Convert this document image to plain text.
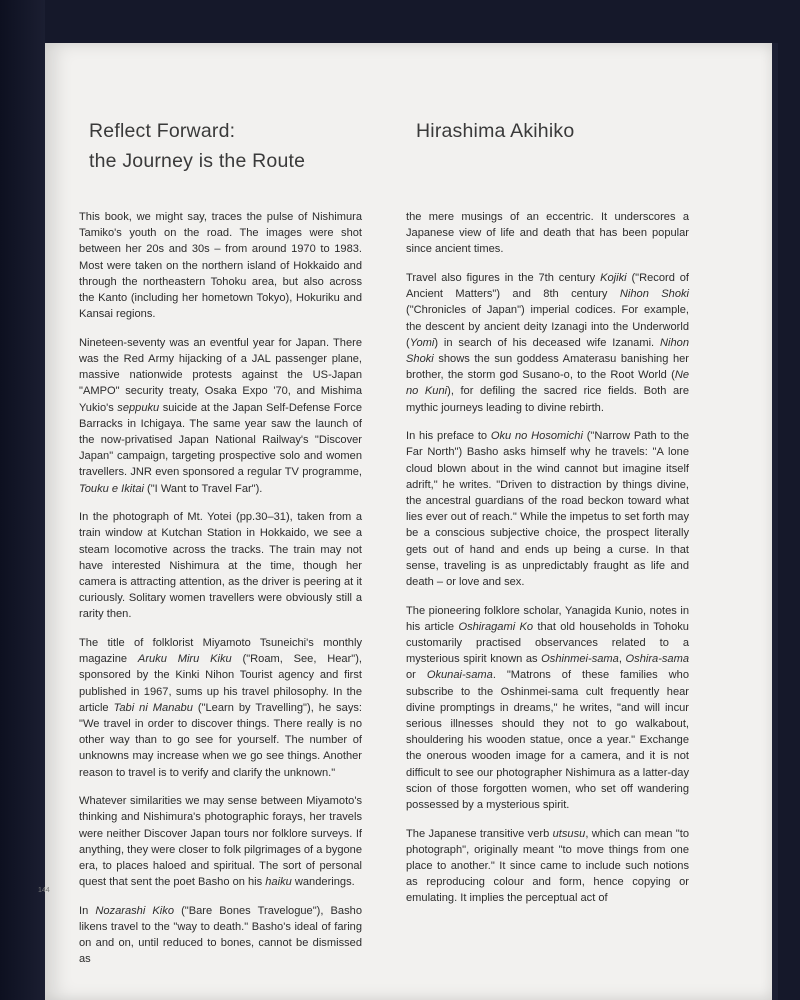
Reflect Forward:
the Journey is the Route
Hirashima Akihiko

This book, we might say, traces the pulse of Nishimura Tamiko's youth on the road. The images were shot between her 20s and 30s – from around 1970 to 1983. Most were taken on the northern island of Hokkaido and through the northeastern Tohoku area, but also across the Kanto (including her hometown Tokyo), Hokuriku and Kansai regions.

Nineteen-seventy was an eventful year for Japan. There was the Red Army hijacking of a JAL passenger plane, massive nationwide protests against the US-Japan "AMPO" security treaty, Osaka Expo '70, and Mishima Yukio's seppuku suicide at the Japan Self-Defense Force Barracks in Ichigaya. The same year saw the launch of the now-privatised Japan National Railway's "Discover Japan" campaign, targeting prospective solo and women travellers. JNR even sponsored a regular TV programme, Touku e Ikitai ("I Want to Travel Far").

In the photograph of Mt. Yotei (pp.30–31), taken from a train window at Kutchan Station in Hokkaido, we see a steam locomotive across the tracks. The train may not have interested Nishimura at the time, though her camera is attracting attention, as the driver is peering at it curiously. Solitary women travellers were obviously still a rarity then.

The title of folklorist Miyamoto Tsuneichi's monthly magazine Aruku Miru Kiku ("Roam, See, Hear"), sponsored by the Kinki Nihon Tourist agency and first published in 1967, sums up his travel philosophy. In the article Tabi ni Manabu ("Learn by Travelling"), he says: "We travel in order to discover things. There really is no other way than to go see for yourself. The number of unknowns may increase when we go see things. Another reason to travel is to verify and clarify the unknown."

Whatever similarities we may sense between Miyamoto's thinking and Nishimura's photographic forays, her travels were neither Discover Japan tours nor folklore surveys. If anything, they were closer to folk pilgrimages of a bygone era, to places haloed and spiritual. The sort of personal quest that sent the poet Basho on his haiku wanderings.

In Nozarashi Kiko ("Bare Bones Travelogue"), Basho likens travel to the "way to death." Basho's ideal of faring on and on, until reduced to bones, cannot be dismissed as

the mere musings of an eccentric. It underscores a Japanese view of life and death that has been popular since ancient times.

Travel also figures in the 7th century Kojiki ("Record of Ancient Matters") and 8th century Nihon Shoki ("Chronicles of Japan") imperial codices. For example, the descent by ancient deity Izanagi into the Underworld (Yomi) in search of his deceased wife Izanami. Nihon Shoki shows the sun goddess Amaterasu banishing her brother, the storm god Susano-o, to the Root World (Ne no Kuni), for defiling the sacred rice fields. Both are mythic journeys leading to divine rebirth.

In his preface to Oku no Hosomichi ("Narrow Path to the Far North") Basho asks himself why he travels: "A lone cloud blown about in the wind cannot but imagine itself adrift," he writes. "Driven to distraction by things divine, the ancestral guardians of the road beckon toward what lies ever out of reach." While the impetus to set forth may be a conscious subjective choice, the prospect literally gets out of hand and ends up being a curse. In that sense, traveling is as unpredictably fraught as life and death – or love and sex.

The pioneering folklore scholar, Yanagida Kunio, notes in his article Oshiragami Ko that old households in Tohoku customarily practised observances related to a mysterious spirit known as Oshinmei-sama, Oshira-sama or Okunai-sama. "Matrons of these families who subscribe to the Oshinmei-sama cult frequently hear divine promptings in dreams," he writes, "and will incur serious illnesses should they not to go walkabout, shouldering his wooden statue, once a year." Exchange the onerous wooden image for a camera, and it is not difficult to see our photographer Nishimura as a latter-day scion of those forgotten women, who set off wandering possessed by a mysterious spirit.

The Japanese transitive verb utsusu, which can mean "to photograph", originally meant "to move things from one place to another." It since came to include such notions as reproducing colour and form, hence copying or emulating. It implies the perceptual act of

144
